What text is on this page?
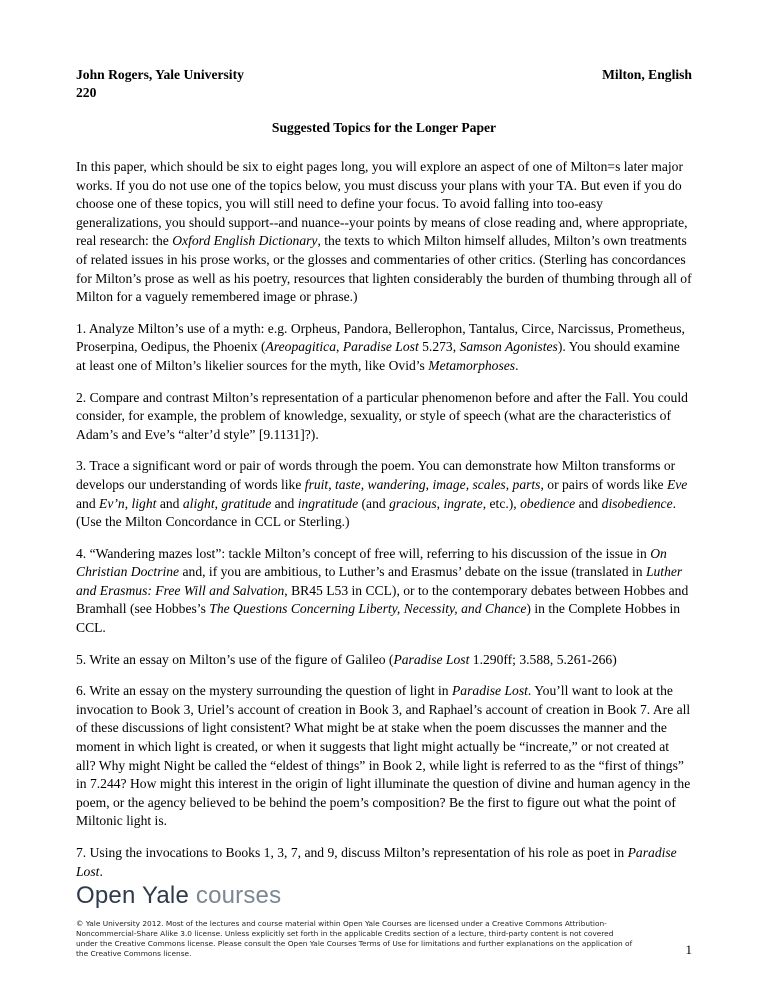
John Rogers, Yale University
220
Milton, English
Suggested Topics for the Longer Paper

In this paper, which should be six to eight pages long, you will explore an aspect of one of Milton=s later major works. If you do not use one of the topics below, you must discuss your plans with your TA. But even if you do choose one of these topics, you will still need to define your focus. To avoid falling into too-easy generalizations, you should support--and nuance--your points by means of close reading and, where appropriate, real research: the Oxford English Dictionary, the texts to which Milton himself alludes, Milton’s own treatments of related issues in his prose works, or the glosses and commentaries of other critics. (Sterling has concordances for Milton’s prose as well as his poetry, resources that lighten considerably the burden of thumbing through all of Milton for a vaguely remembered image or phrase.)

1. Analyze Milton’s use of a myth: e.g. Orpheus, Pandora, Bellerophon, Tantalus, Circe, Narcissus, Prometheus, Proserpina, Oedipus, the Phoenix (Areopagitica, Paradise Lost 5.273, Samson Agonistes). You should examine at least one of Milton’s likelier sources for the myth, like Ovid’s Metamorphoses.

2. Compare and contrast Milton’s representation of a particular phenomenon before and after the Fall. You could consider, for example, the problem of knowledge, sexuality, or style of speech (what are the characteristics of Adam’s and Eve’s “alter’d style” [9.1131]?).

3. Trace a significant word or pair of words through the poem. You can demonstrate how Milton transforms or develops our understanding of words like fruit, taste, wandering, image, scales, parts, or pairs of words like Eve and Ev’n, light and alight, gratitude and ingratitude (and gracious, ingrate, etc.), obedience and disobedience. (Use the Milton Concordance in CCL or Sterling.)

4. “Wandering mazes lost”: tackle Milton’s concept of free will, referring to his discussion of the issue in On Christian Doctrine and, if you are ambitious, to Luther’s and Erasmus’ debate on the issue (translated in Luther and Erasmus: Free Will and Salvation, BR45 L53 in CCL), or to the contemporary debates between Hobbes and Bramhall (see Hobbes’s The Questions Concerning Liberty, Necessity, and Chance) in the Complete Hobbes in CCL.

5. Write an essay on Milton’s use of the figure of Galileo (Paradise Lost 1.290ff; 3.588, 5.261-266)

6. Write an essay on the mystery surrounding the question of light in Paradise Lost. You’ll want to look at the invocation to Book 3, Uriel’s account of creation in Book 3, and Raphael’s account of creation in Book 7. Are all of these discussions of light consistent? What might be at stake when the poem discusses the manner and the moment in which light is created, or when it suggests that light might actually be “increate,” or not created at all? Why might Night be called the “eldest of things” in Book 2, while light is referred to as the “first of things” in 7.244? How might this interest in the origin of light illuminate the question of divine and human agency in the poem, or the agency believed to be behind the poem’s composition? Be the first to figure out what the point of Miltonic light is.

7. Using the invocations to Books 1, 3, 7, and 9, discuss Milton’s representation of his role as poet in Paradise Lost.

Open Yale courses
© Yale University 2012. Most of the lectures and course material within Open Yale Courses are licensed under a Creative Commons Attribution-Noncommercial-Share Alike 3.0 license. Unless explicitly set forth in the applicable Credits section of a lecture, third-party content is not covered under the Creative Commons license. Please consult the Open Yale Courses Terms of Use for limitations and further explanations on the application of the Creative Commons license.	1
